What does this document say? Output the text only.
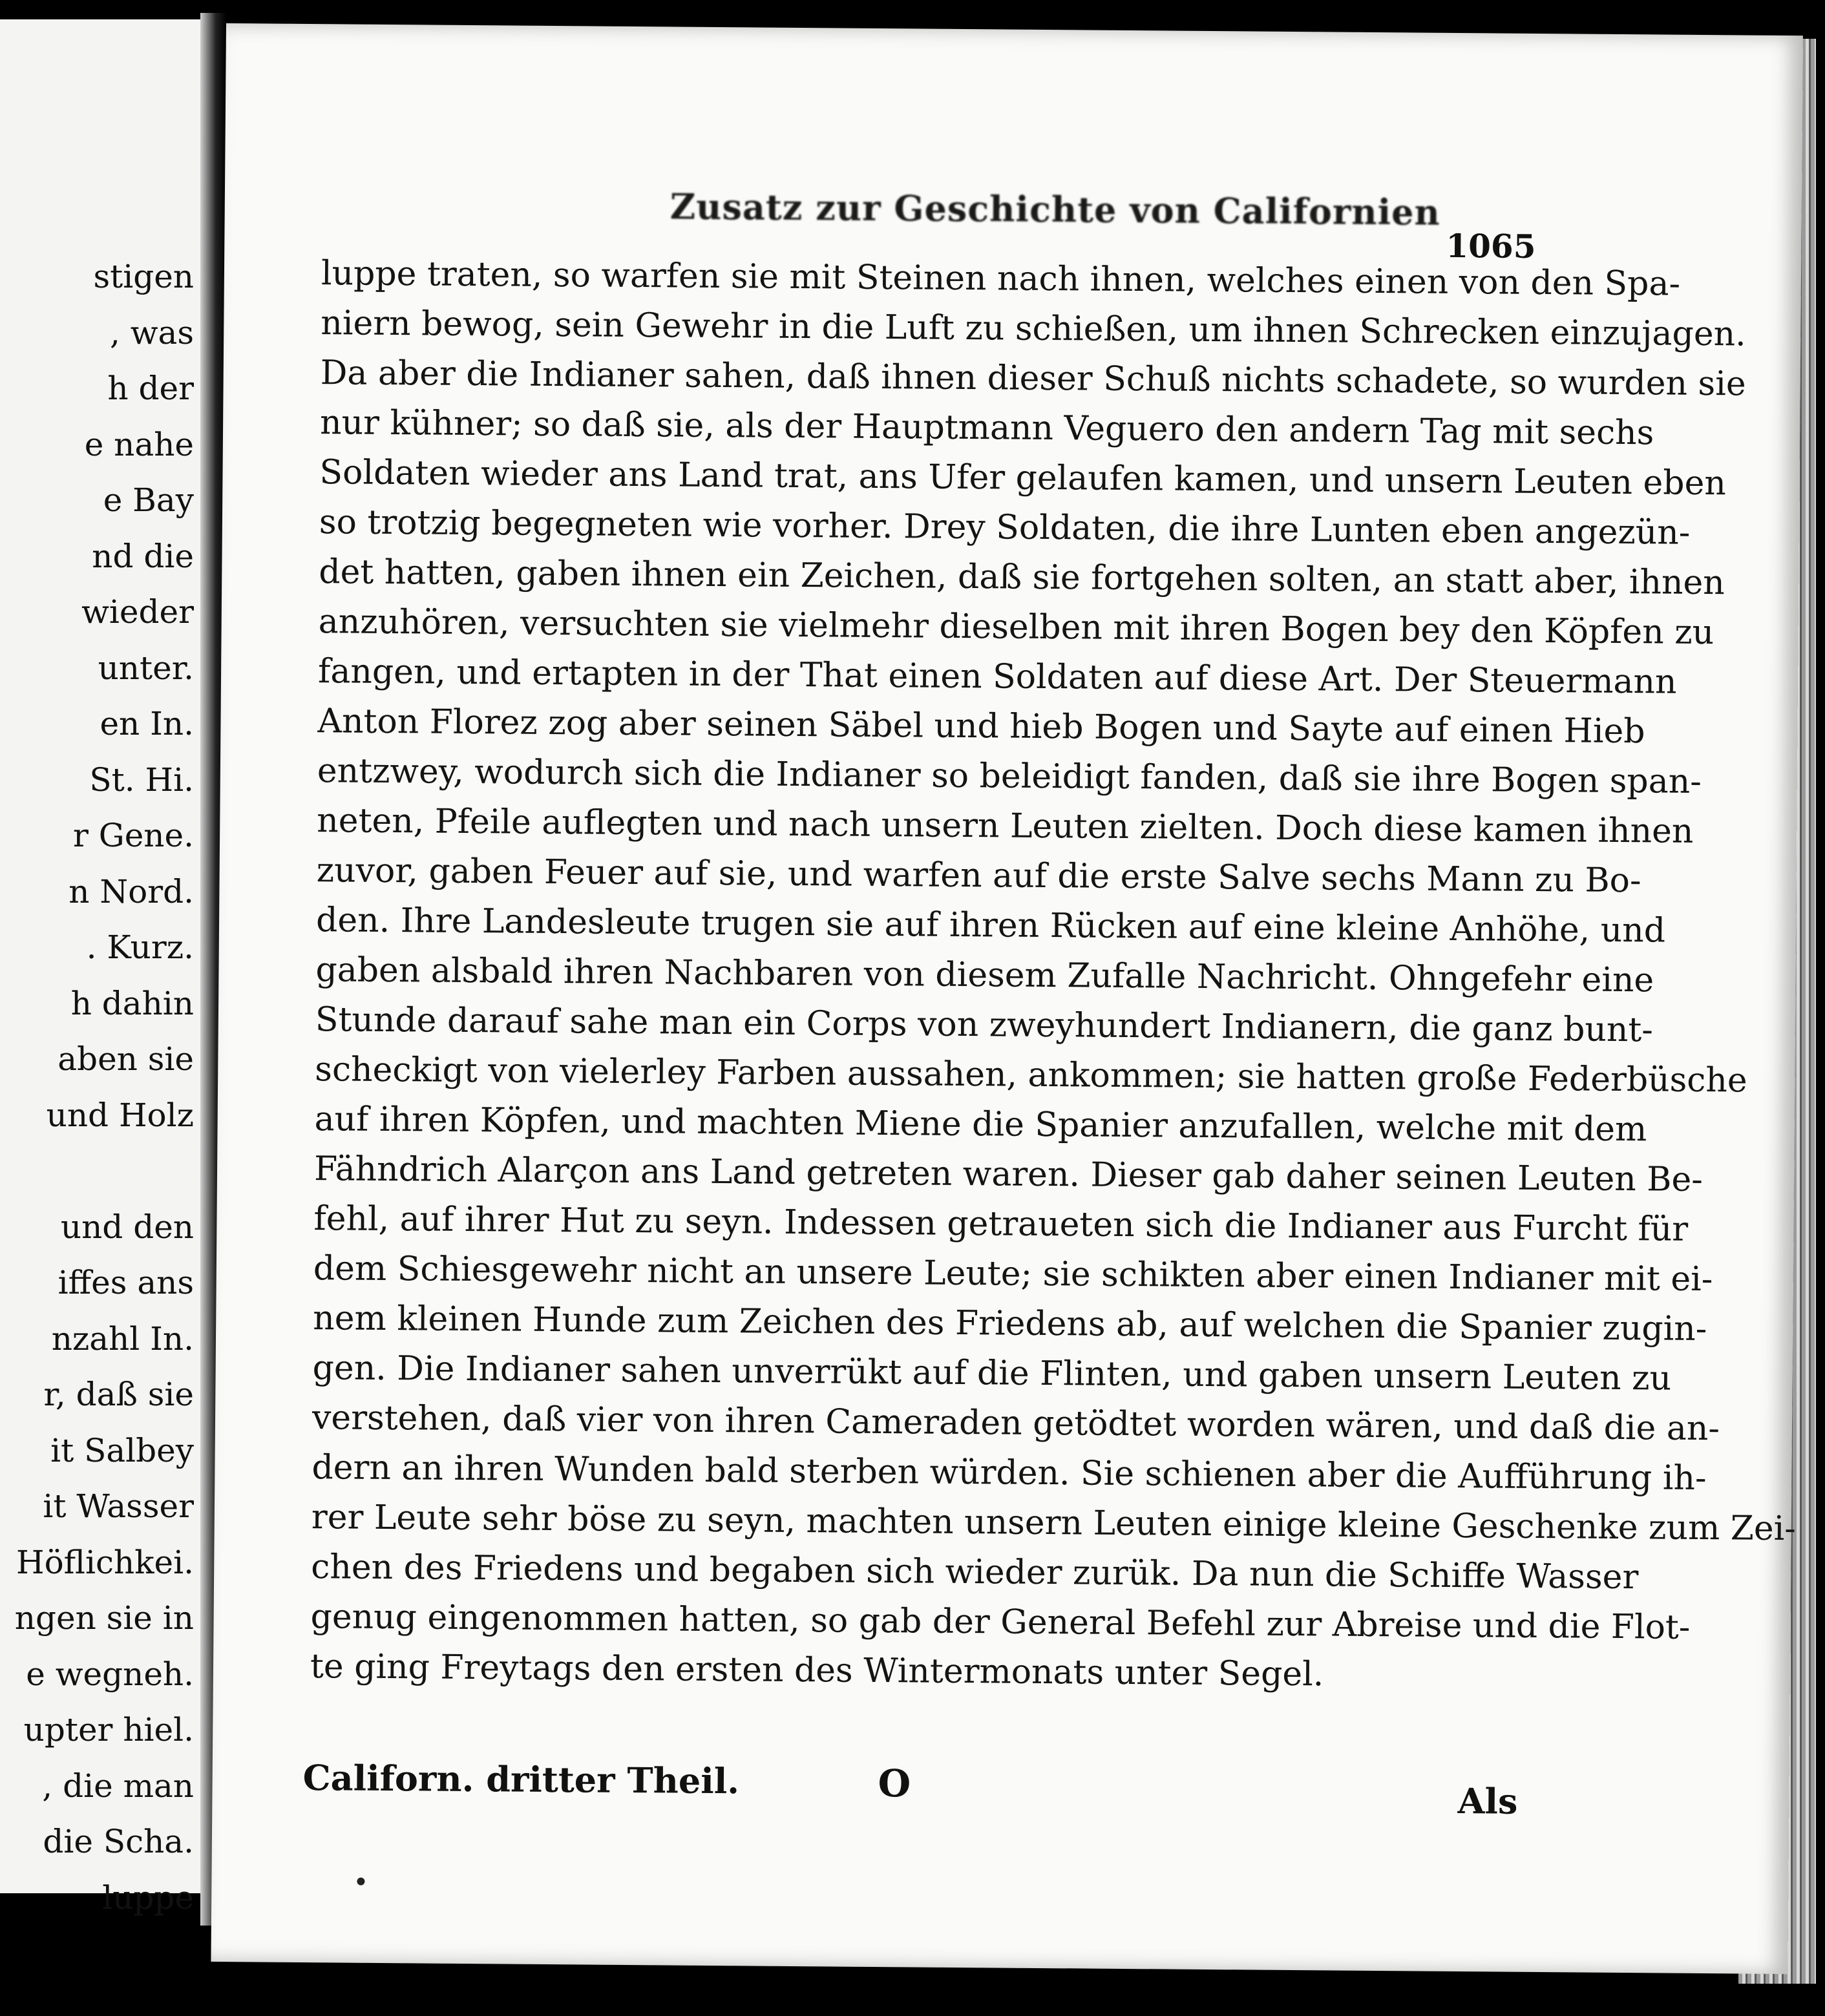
stigen
, was
h der
e nahe
e Bay
nd die
wieder
unter.
en In.
St. Hi.
r Gene.
n Nord.
. Kurz.
h dahin
aben sie
und Holz
und den
iffes ans
nzahl In.
r, daß sie
it Salbey
it Wasser
Höflichkei.
ngen sie in
e wegneh.
upter hiel.
, die man
die Scha.
luppe
Zusatz zur Geschichte von Californien
1065
luppe traten, so warfen sie mit Steinen nach ihnen, welches einen von den Spa-
niern bewog, sein Gewehr in die Luft zu schießen, um ihnen Schrecken einzujagen.
Da aber die Indianer sahen, daß ihnen dieser Schuß nichts schadete, so wurden sie
nur kühner; so daß sie, als der Hauptmann Veguero den andern Tag mit sechs
Soldaten wieder ans Land trat, ans Ufer gelaufen kamen, und unsern Leuten eben
so trotzig begegneten wie vorher. Drey Soldaten, die ihre Lunten eben angezün-
det hatten, gaben ihnen ein Zeichen, daß sie fortgehen solten, an statt aber, ihnen
anzuhören, versuchten sie vielmehr dieselben mit ihren Bogen bey den Köpfen zu
fangen, und ertapten in der That einen Soldaten auf diese Art. Der Steuermann
Anton Florez zog aber seinen Säbel und hieb Bogen und Sayte auf einen Hieb
entzwey, wodurch sich die Indianer so beleidigt fanden, daß sie ihre Bogen span-
neten, Pfeile auflegten und nach unsern Leuten zielten. Doch diese kamen ihnen
zuvor, gaben Feuer auf sie, und warfen auf die erste Salve sechs Mann zu Bo-
den. Ihre Landesleute trugen sie auf ihren Rücken auf eine kleine Anhöhe, und
gaben alsbald ihren Nachbaren von diesem Zufalle Nachricht. Ohngefehr eine
Stunde darauf sahe man ein Corps von zweyhundert Indianern, die ganz bunt-
scheckigt von vielerley Farben aussahen, ankommen; sie hatten große Federbüsche
auf ihren Köpfen, und machten Miene die Spanier anzufallen, welche mit dem
Fähndrich Alarçon ans Land getreten waren. Dieser gab daher seinen Leuten Be-
fehl, auf ihrer Hut zu seyn. Indessen getraueten sich die Indianer aus Furcht für
dem Schiesgewehr nicht an unsere Leute; sie schikten aber einen Indianer mit ei-
nem kleinen Hunde zum Zeichen des Friedens ab, auf welchen die Spanier zugin-
gen. Die Indianer sahen unverrükt auf die Flinten, und gaben unsern Leuten zu
verstehen, daß vier von ihren Cameraden getödtet worden wären, und daß die an-
dern an ihren Wunden bald sterben würden. Sie schienen aber die Aufführung ih-
rer Leute sehr böse zu seyn, machten unsern Leuten einige kleine Geschenke zum Zei-
chen des Friedens und begaben sich wieder zurük. Da nun die Schiffe Wasser
genug eingenommen hatten, so gab der General Befehl zur Abreise und die Flot-
te ging Freytags den ersten des Wintermonats unter Segel.
Californ. dritter Theil.	O	Als
